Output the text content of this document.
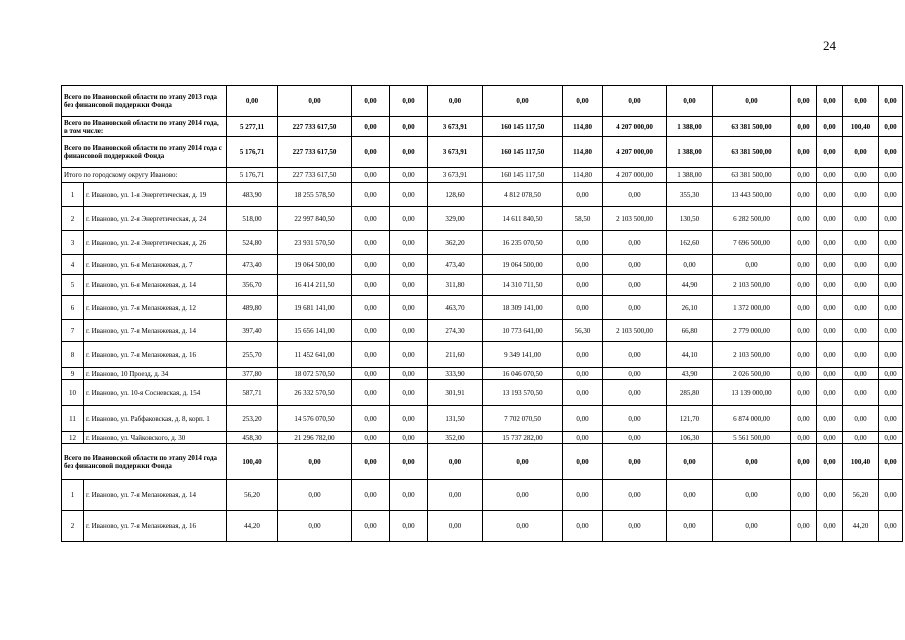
24
Всего по Ивановской области по этапу 2013 года без финансовой поддержки Фонда		0,00	0,00	0,00	0,00	0,00	0,00	0,00	0,00	0,00	0,00	0,00	0,00	0,00	0,00
Всего по Ивановской области по этапу 2014 года, в том числе:		5 277,11	227 733 617,50	0,00	0,00	3 673,91	160 145 117,50	114,80	4 207 000,00	1 388,00	63 381 500,00	0,00	0,00	100,40	0,00
Всего по Ивановской области по этапу 2014 года с финансовой поддержкой Фонда		5 176,71	227 733 617,50	0,00	0,00	3 673,91	160 145 117,50	114,80	4 207 000,00	1 388,00	63 381 500,00	0,00	0,00	0,00	0,00
Итого по городскому округу Иваново:		5 176,71	227 733 617,50	0,00	0,00	3 673,91	160 145 117,50	114,80	4 207 000,00	1 388,00	63 381 500,00	0,00	0,00	0,00	0,00
1	г. Иваново, ул. 1-я Энергетическая, д. 19	483,90	18 255 578,50	0,00	0,00	128,60	4 812 078,50	0,00	0,00	355,30	13 443 500,00	0,00	0,00	0,00	0,00
2	г. Иваново, ул. 2-я Энергетическая, д. 24	518,00	22 997 840,50	0,00	0,00	329,00	14 611 840,50	58,50	2 103 500,00	130,50	6 282 500,00	0,00	0,00	0,00	0,00
3	г. Иваново, ул. 2-я Энергетическая, д. 26	524,80	23 931 570,50	0,00	0,00	362,20	16 235 070,50	0,00	0,00	162,60	7 696 500,00	0,00	0,00	0,00	0,00
4	г. Иваново, ул. 6-я Меланжевая, д. 7	473,40	19 064 500,00	0,00	0,00	473,40	19 064 500,00	0,00	0,00	0,00	0,00	0,00	0,00	0,00	0,00
5	г. Иваново, ул. 6-я Меланжевая, д. 14	356,70	16 414 211,50	0,00	0,00	311,80	14 310 711,50	0,00	0,00	44,90	2 103 500,00	0,00	0,00	0,00	0,00
6	г. Иваново, ул. 7-я Меланжевая, д. 12	489,80	19 681 141,00	0,00	0,00	463,70	18 309 141,00	0,00	0,00	26,10	1 372 000,00	0,00	0,00	0,00	0,00
7	г. Иваново, ул. 7-я Меланжевая, д. 14	397,40	15 656 141,00	0,00	0,00	274,30	10 773 641,00	56,30	2 103 500,00	66,80	2 779 000,00	0,00	0,00	0,00	0,00
8	г. Иваново, ул. 7-я Меланжевая, д. 16	255,70	11 452 641,00	0,00	0,00	211,60	9 349 141,00	0,00	0,00	44,10	2 103 500,00	0,00	0,00	0,00	0,00
9	г. Иваново, 10 Проезд, д. 34	377,80	18 072 570,50	0,00	0,00	333,90	16 046 070,50	0,00	0,00	43,90	2 026 500,00	0,00	0,00	0,00	0,00
10	г. Иваново, ул. 10-я Сосневская, д. 154	587,71	26 332 570,50	0,00	0,00	301,91	13 193 570,50	0,00	0,00	285,80	13 139 000,00	0,00	0,00	0,00	0,00
11	г. Иваново, ул. Рабфаковская, д. 8, корп. 1	253,20	14 576 070,50	0,00	0,00	131,50	7 702 070,50	0,00	0,00	121,70	6 874 000,00	0,00	0,00	0,00	0,00
12	г. Иваново, ул. Чайковского, д. 30	458,30	21 296 782,00	0,00	0,00	352,00	15 737 282,00	0,00	0,00	106,30	5 561 500,00	0,00	0,00	0,00	0,00
Всего по Ивановской области по этапу 2014 года без финансовой поддержки Фонда		100,40	0,00	0,00	0,00	0,00	0,00	0,00	0,00	0,00	0,00	0,00	0,00	100,40	0,00
1	г. Иваново, ул. 7-я Меланжевая, д. 14	56,20	0,00	0,00	0,00	0,00	0,00	0,00	0,00	0,00	0,00	0,00	0,00	56,20	0,00
2	г. Иваново, ул. 7-я Меланжевая, д. 16	44,20	0,00	0,00	0,00	0,00	0,00	0,00	0,00	0,00	0,00	0,00	0,00	44,20	0,00
